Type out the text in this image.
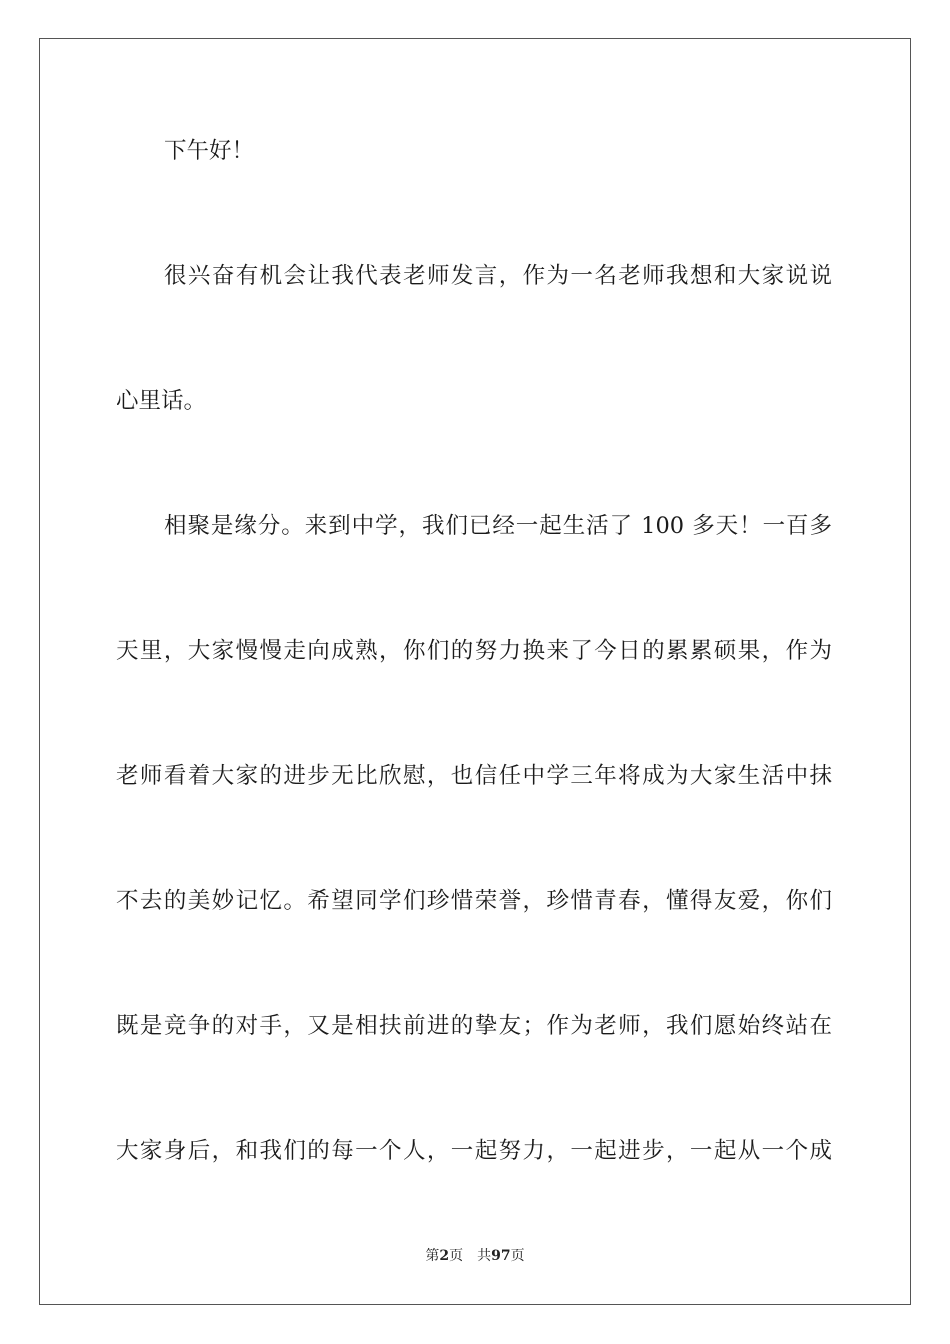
下午好！
很兴奋有机会让我代表老师发言，作为一名老师我想和大家说说
心里话。
相聚是缘分。来到中学，我们已经一起生活了 100 多天！一百多
天里，大家慢慢走向成熟，你们的努力换来了今日的累累硕果，作为
老师看着大家的进步无比欣慰，也信任中学三年将成为大家生活中抹
不去的美妙记忆。希望同学们珍惜荣誉，珍惜青春，懂得友爱，你们
既是竞争的对手，又是相扶前进的挚友；作为老师，我们愿始终站在
大家身后，和我们的每一个人，一起努力，一起进步，一起从一个成
第2页 共97页
